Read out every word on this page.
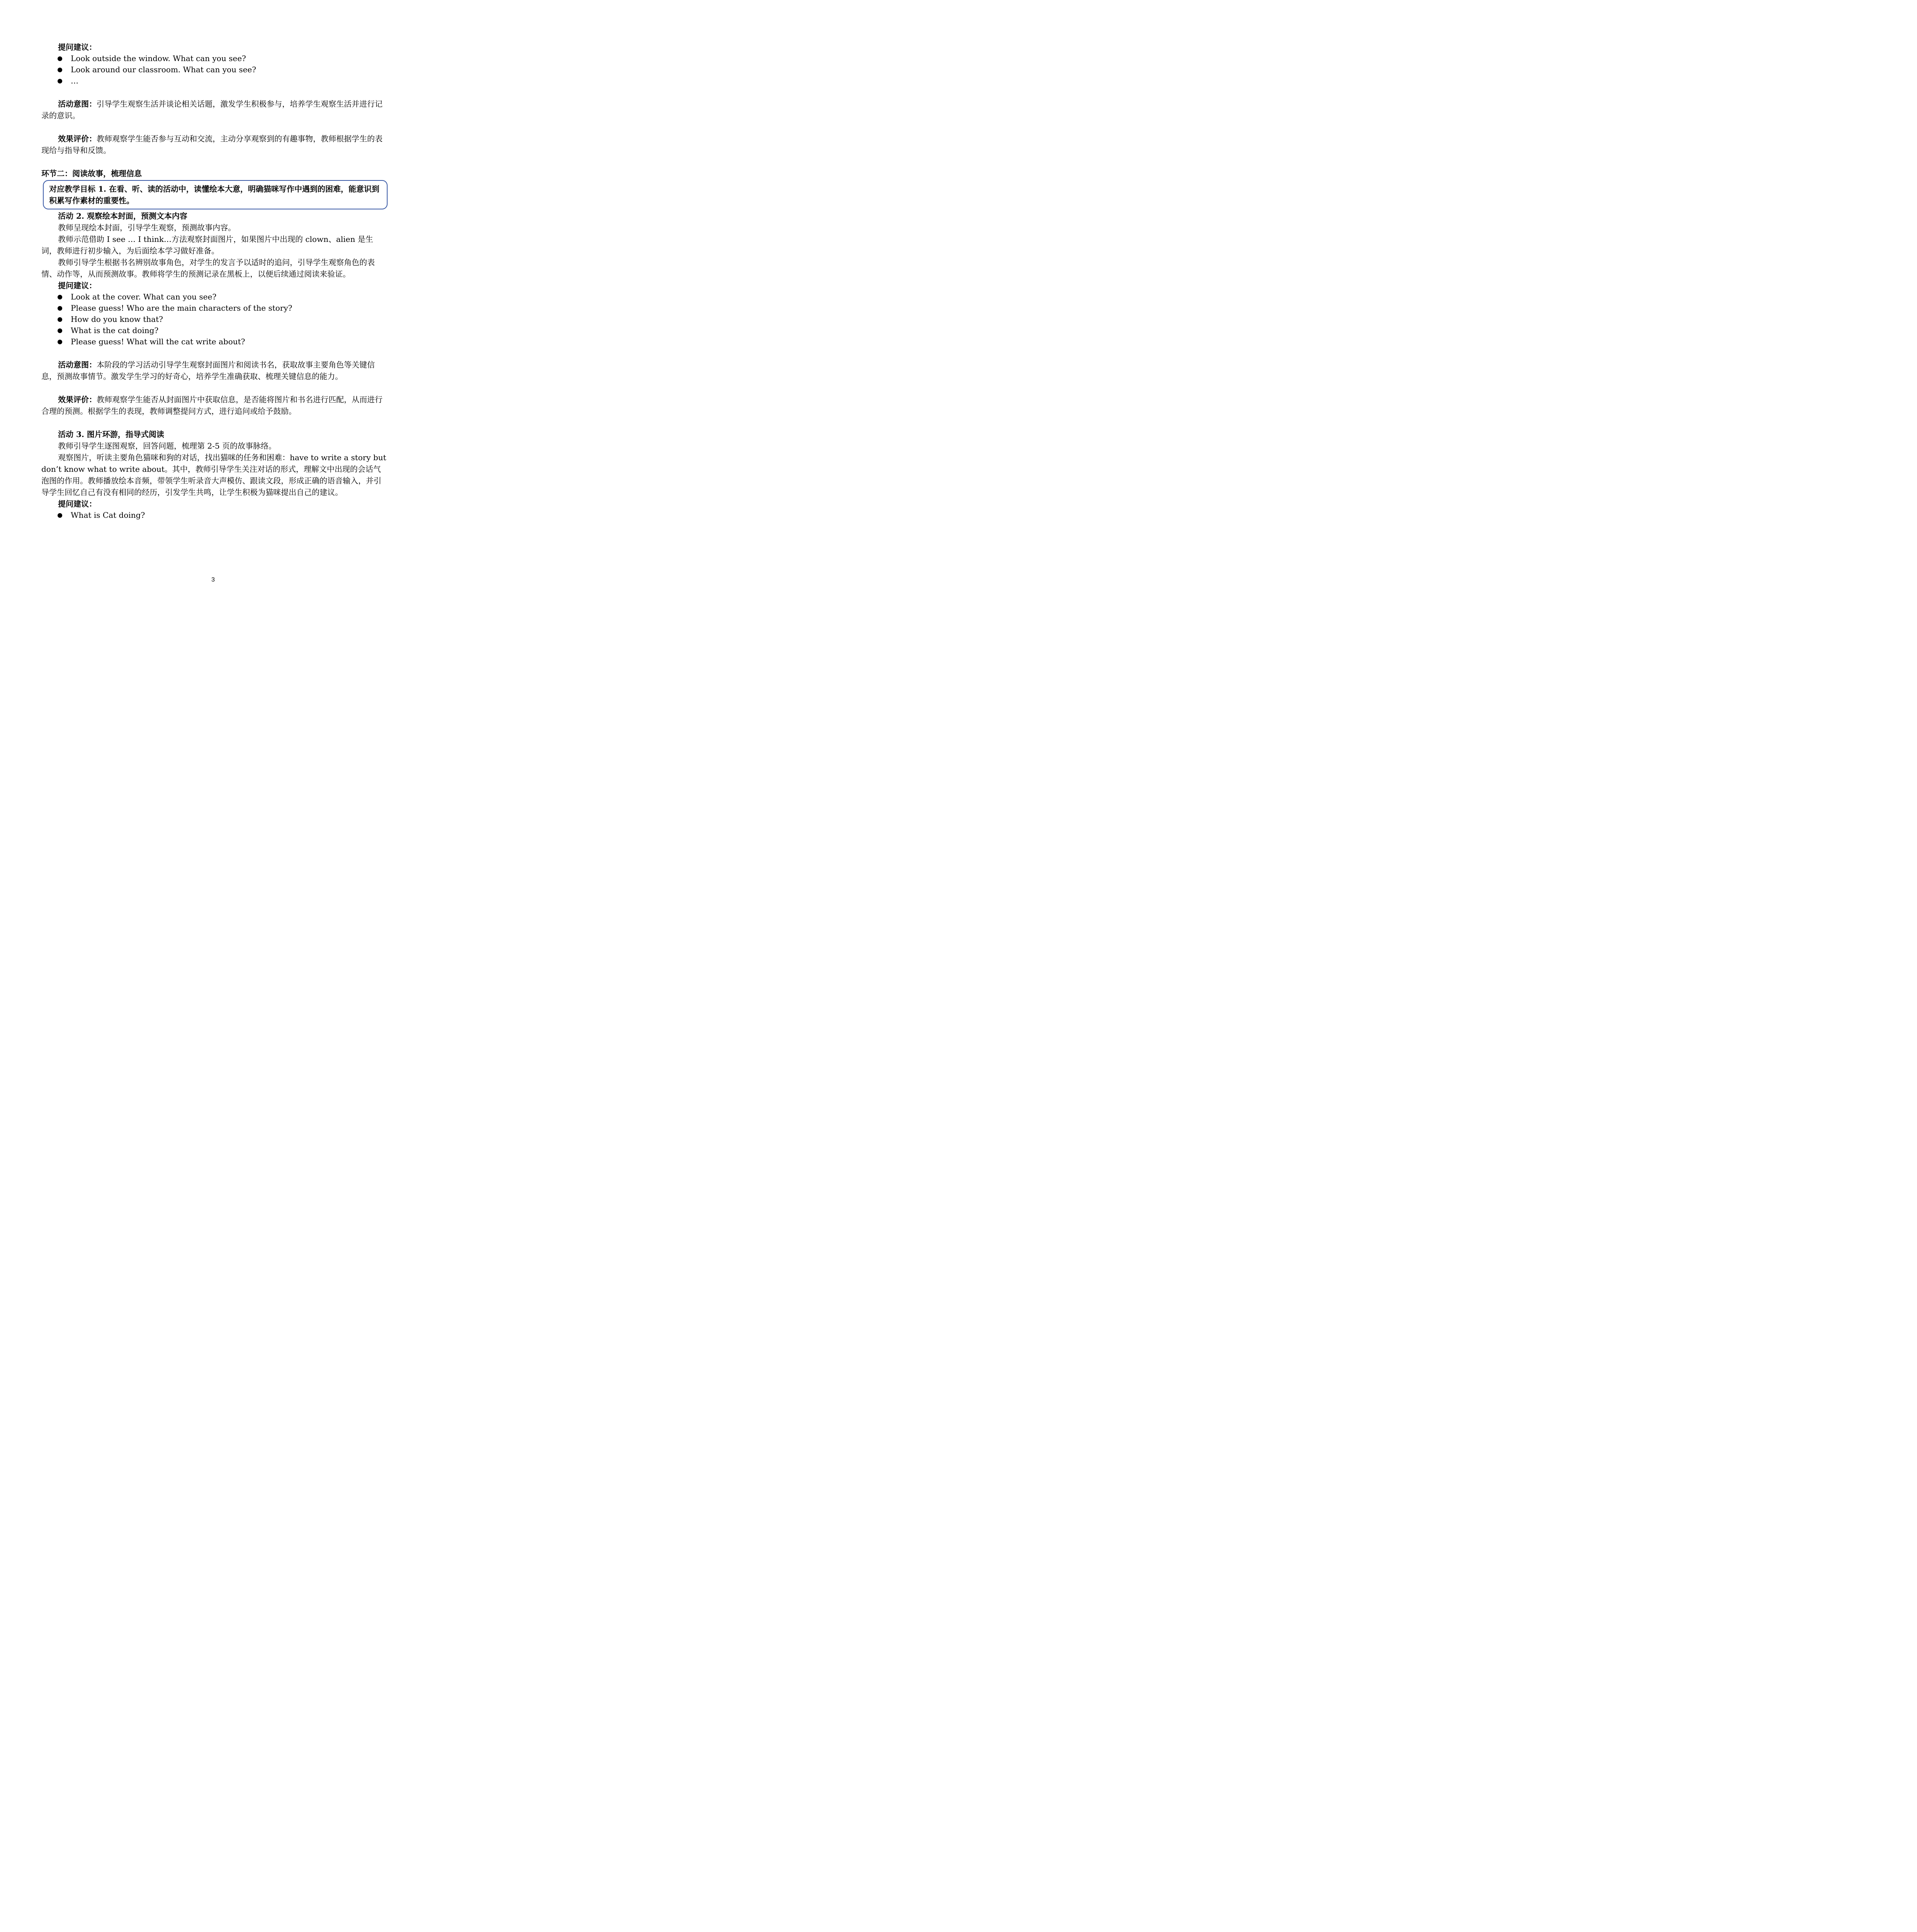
提问建议：

Look outside the window. What can you see?
Look around our classroom. What can you see?
…

活动意图：引导学生观察生活并谈论相关话题，激发学生积极参与，培养学生观察生活并进行记录的意识。

效果评价：教师观察学生能否参与互动和交流，主动分享观察到的有趣事物，教师根据学生的表现给与指导和反馈。

环节二：阅读故事，梳理信息

对应教学目标 1. 在看、听、读的活动中，读懂绘本大意，明确猫咪写作中遇到的困难，能意识到积累写作素材的重要性。

活动 2. 观察绘本封面，预测文本内容

教师呈现绘本封面，引导学生观察，预测故事内容。

教师示范借助 I see … I think…方法观察封面图片，如果图片中出现的 clown、alien 是生词，教师进行初步输入，为后面绘本学习做好准备。

教师引导学生根据书名辨别故事角色，对学生的发言予以适时的追问，引导学生观察角色的表情、动作等，从而预测故事。教师将学生的预测记录在黑板上，以便后续通过阅读来验证。

提问建议：

Look at the cover. What can you see?
Please guess! Who are the main characters of the story?
How do you know that?
What is the cat doing?
Please guess! What will the cat write about?

活动意图：本阶段的学习活动引导学生观察封面图片和阅读书名，获取故事主要角色等关键信息，预测故事情节。激发学生学习的好奇心，培养学生准确获取、梳理关键信息的能力。

效果评价：教师观察学生能否从封面图片中获取信息，是否能将图片和书名进行匹配，从而进行合理的预测。根据学生的表现，教师调整提问方式，进行追问或给予鼓励。

活动 3. 图片环游，指导式阅读

教师引导学生逐图观察，回答问题，梳理第 2-5 页的故事脉络。

观察图片，听读主要角色猫咪和狗的对话，找出猫咪的任务和困难：have to write a story but don’t know what to write about。其中，教师引导学生关注对话的形式，理解文中出现的会话气泡图的作用。教师播放绘本音频，带领学生听录音大声模仿、跟读文段，形成正确的语音输入，并引导学生回忆自己有没有相同的经历，引发学生共鸣，让学生积极为猫咪提出自己的建议。

提问建议：

What is Cat doing?
3
